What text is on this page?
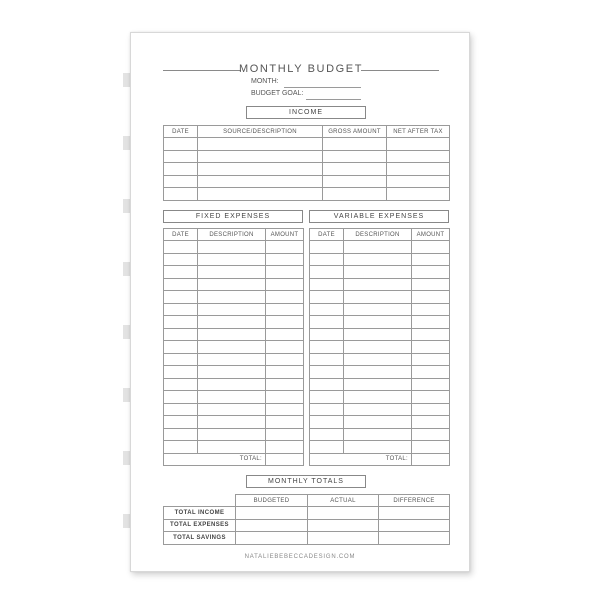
MONTHLY BUDGET
MONTH:
BUDGET GOAL:
INCOME
DATE	SOURCE/DESCRIPTION	GROSS AMOUNT	NET AFTER TAX

FIXED EXPENSES	VARIABLE EXPENSES
DATE	DESCRIPTION	AMOUNT

TOTAL:		
DATE	DESCRIPTION	AMOUNT

TOTAL:		
MONTHLY TOTALS
	BUDGETED	ACTUAL	DIFFERENCE
TOTAL INCOME			
TOTAL EXPENSES			
TOTAL SAVINGS			
NATALIEBEBECCADESIGN.COM
